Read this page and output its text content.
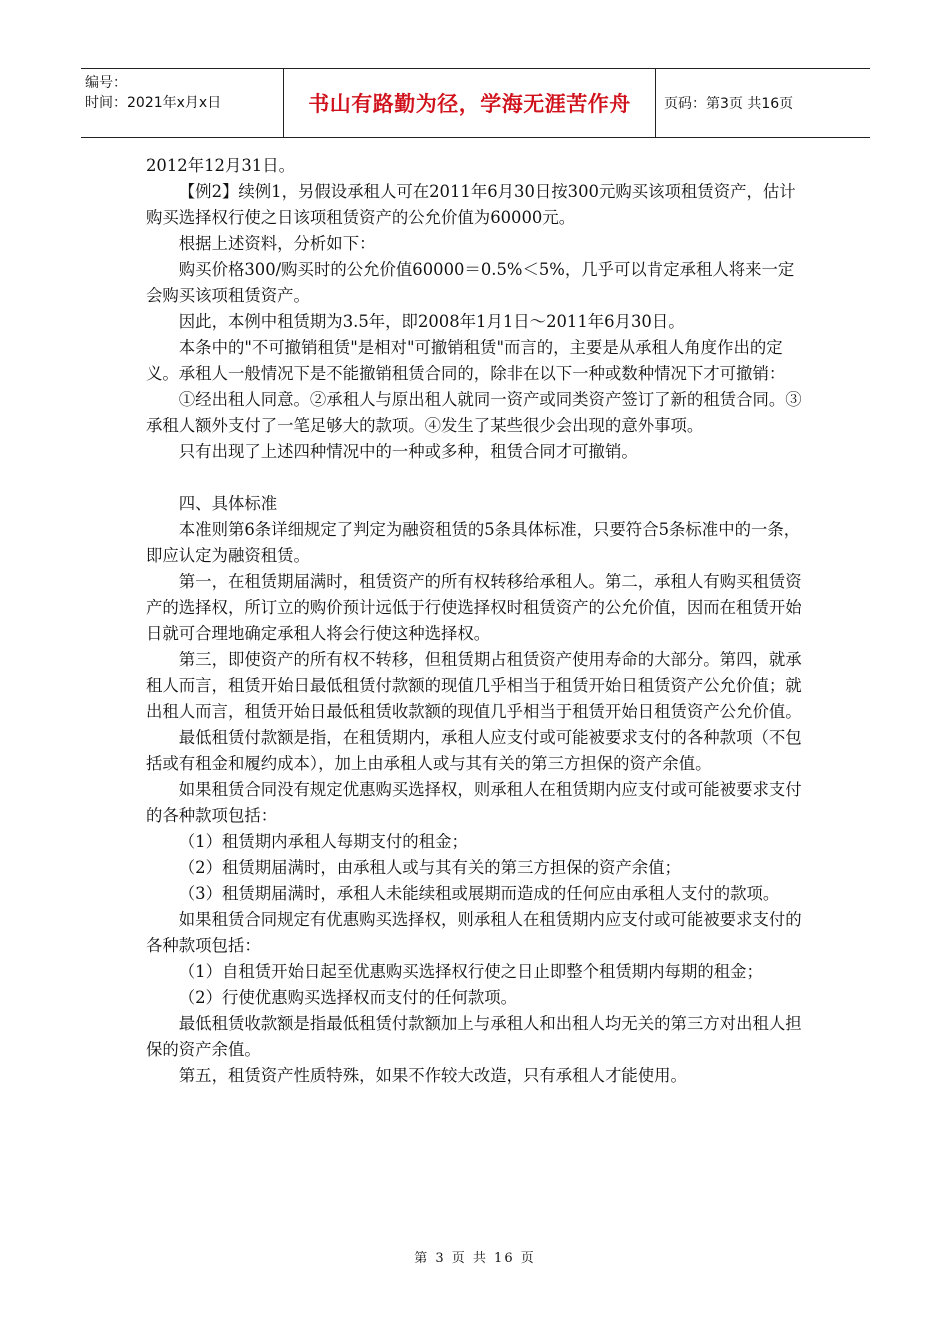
编号：
时间：2021年x月x日	书山有路勤为径，学海无涯苦作舟 页码：第3页 共16页

2012年12月31日。

【例2】续例1，另假设承租人可在2011年6月30日按300元购买该项租赁资产，估计购买选择权行使之日该项租赁资产的公允价值为60000元。

根据上述资料，分析如下：

购买价格300/购买时的公允价值60000＝0.5%＜5%，几乎可以肯定承租人将来一定会购买该项租赁资产。

因此，本例中租赁期为3.5年，即2008年1月1日～2011年6月30日。

本条中的"不可撤销租赁"是相对"可撤销租赁"而言的，主要是从承租人角度作出的定义。承租人一般情况下是不能撤销租赁合同的，除非在以下一种或数种情况下才可撤销：

①经出租人同意。②承租人与原出租人就同一资产或同类资产签订了新的租赁合同。③承租人额外支付了一笔足够大的款项。④发生了某些很少会出现的意外事项。

只有出现了上述四种情况中的一种或多种，租赁合同才可撤销。

四、具体标准

本准则第6条详细规定了判定为融资租赁的5条具体标准，只要符合5条标准中的一条，即应认定为融资租赁。

第一，在租赁期届满时，租赁资产的所有权转移给承租人。第二，承租人有购买租赁资产的选择权，所订立的购价预计远低于行使选择权时租赁资产的公允价值，因而在租赁开始日就可合理地确定承租人将会行使这种选择权。

第三，即使资产的所有权不转移，但租赁期占租赁资产使用寿命的大部分。第四，就承租人而言，租赁开始日最低租赁付款额的现值几乎相当于租赁开始日租赁资产公允价值；就出租人而言，租赁开始日最低租赁收款额的现值几乎相当于租赁开始日租赁资产公允价值。

最低租赁付款额是指，在租赁期内，承租人应支付或可能被要求支付的各种款项（不包括或有租金和履约成本），加上由承租人或与其有关的第三方担保的资产余值。

如果租赁合同没有规定优惠购买选择权，则承租人在租赁期内应支付或可能被要求支付的各种款项包括：

（1）租赁期内承租人每期支付的租金；

（2）租赁期届满时，由承租人或与其有关的第三方担保的资产余值；

（3）租赁期届满时，承租人未能续租或展期而造成的任何应由承租人支付的款项。

如果租赁合同规定有优惠购买选择权，则承租人在租赁期内应支付或可能被要求支付的各种款项包括：

（1）自租赁开始日起至优惠购买选择权行使之日止即整个租赁期内每期的租金；

（2）行使优惠购买选择权而支付的任何款项。

最低租赁收款额是指最低租赁付款额加上与承租人和出租人均无关的第三方对出租人担保的资产余值。

第五，租赁资产性质特殊，如果不作较大改造，只有承租人才能使用。

第 3 页 共 16 页
